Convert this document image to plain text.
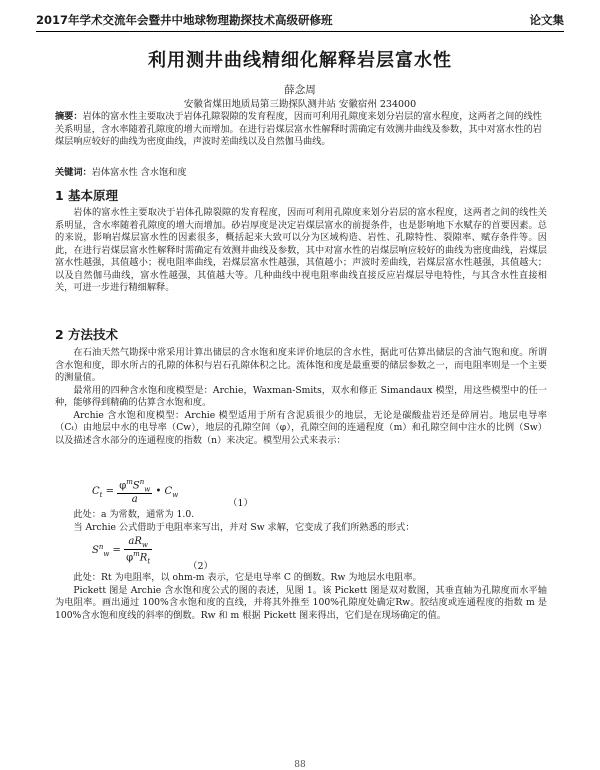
2017年学术交流年会暨井中地球物理勘探技术高级研修班	论文集
利用测井曲线精细化解释岩层富水性
薛念周
安徽省煤田地质局第三勘探队测井站 安徽宿州 234000
摘要：岩体的富水性主要取决于岩体孔隙裂隙的发育程度，因而可利用孔隙度来划分岩层的富水程度，这两者之间的线性关系明显，含水率随着孔隙度的增大而增加。在进行岩煤层富水性解释时需确定有效测井曲线及参数，其中对富水性的岩煤层响应较好的曲线为密度曲线，声波时差曲线以及自然伽马曲线。
关键词：岩体富水性 含水饱和度
1 基本原理

岩体的富水性主要取决于岩体孔隙裂隙的发育程度，因而可利用孔隙度来划分岩层的富水程度，这两者之间的线性关系明显，含水率随着孔隙度的增大而增加。砂岩厚度是决定岩煤层富水的前提条件，也是影响地下水赋存的首要因素。总的来说，影响岩煤层富水性的因素很多，概括起来大致可以分为区域构造、岩性、孔隙特性、裂隙率、赋存条件等。因此，在进行岩煤层富水性解释时需确定有效测井曲线及参数，其中对富水性的岩煤层响应较好的曲线为密度曲线，岩煤层富水性越强，其值越小；视电阻率曲线，岩煤层富水性越强，其值越小；声波时差曲线，岩煤层富水性越强，其值越大；以及自然伽马曲线，富水性越强，其值越大等。几种曲线中视电阻率曲线直接反应岩煤层导电特性，与其含水性直接相关，可进一步进行精细解释。

2 方法技术

在石油天然气勘探中常采用计算出储层的含水饱和度来评价地层的含水性，据此可估算出储层的含油气饱和度。所谓含水饱和度，即水所占的孔隙的体积与岩石孔隙体积之比。流体饱和度是最重要的储层参数之一，而电阻率则是一个主要的测量值。

最常用的四种含水饱和度模型是：Archie，Waxman-Smits，双水和修正 Simandaux 模型，用这些模型中的任一种，能够得到精确的估算含水饱和度。

Archie 含水饱和度模型：Archie 模型适用于所有含泥质很少的地层，无论是碳酸盐岩还是碎屑岩。地层电导率（Cₜ）由地层中水的电导率（Cw），地层的孔隙空间（φ），孔隙空间的连通程度（m）和孔隙空间中注水的比例（Sw）以及描述含水部分的连通程度的指数（n）来决定。模型用公式来表示：

$C_t = \frac{\varphi^mS^n_w}{a}$ • $C_w$
（1）

此处：a 为常数，通常为 1.0.

当 Archie 公式借助于电阻率来写出，并对 Sw 求解，它变成了我们所熟悉的形式：

$S^n_w = \frac{aR_w}{\varphi^mR_t}$
（2）

此处：Rt 为电阻率，以 ohm-m 表示，它是电导率 C 的倒数。Rw 为地层水电阻率。

Pickett 图是 Archie 含水饱和度公式的图的表述，见图 1。该 Pickett 图是双对数图，其垂直轴为孔隙度而水平轴为电阻率。画出通过 100%含水饱和度的直线，并将其外推至 100%孔隙度处确定Rw。胶结度或连通程度的指数 m 是 100%含水饱和度线的斜率的倒数。Rw 和 m 根据 Pickett 图来得出，它们是在现场确定的值。

88
